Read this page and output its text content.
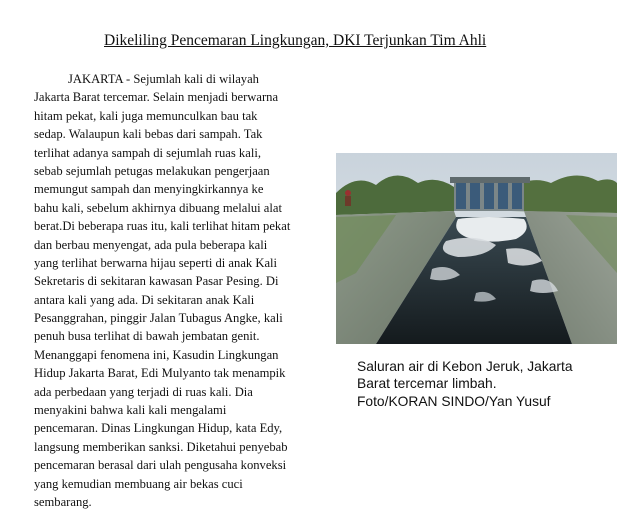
Dikeliling Pencemaran Lingkungan, DKI Terjunkan Tim Ahli
JAKARTA - Sejumlah kali di wilayah
Jakarta Barat tercemar. Selain menjadi berwarna
hitam pekat, kali juga memunculkan bau tak
sedap. Walaupun kali bebas dari sampah. Tak
terlihat adanya sampah di sejumlah ruas kali,
sebab sejumlah petugas melakukan pengerjaan
memungut sampah dan menyingkirkannya ke
bahu kali, sebelum akhirnya dibuang melalui alat
berat.Di beberapa ruas itu, kali terlihat hitam pekat
dan berbau menyengat, ada pula beberapa kali
yang terlihat berwarna hijau seperti di anak Kali
Sekretaris di sekitaran kawasan Pasar Pesing. Di
antara kali yang ada. Di sekitaran anak Kali
Pesanggrahan, pinggir Jalan Tubagus Angke, kali
penuh busa terlihat di bawah jembatan genit.
Menanggapi fenomena ini, Kasudin Lingkungan
Hidup Jakarta Barat, Edi Mulyanto tak menampik
ada perbedaan yang terjadi di ruas kali. Dia
menyakini bahwa kali kali mengalami
pencemaran. Dinas Lingkungan Hidup, kata Edy,
langsung memberikan sanksi. Diketahui penyebab
pencemaran berasal dari ulah pengusaha konveksi
yang kemudian membuang air bekas cuci
sembarang.
Saluran air di Kebon Jeruk, Jakarta
Barat tercemar limbah.
Foto/KORAN SINDO/Yan Yusuf
